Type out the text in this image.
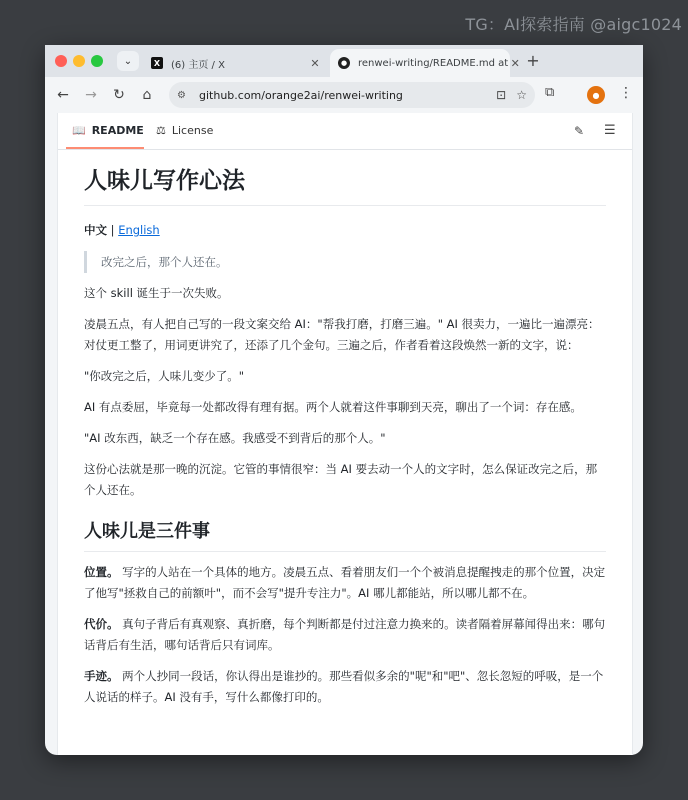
TG：AI探索指南 @aigc1024
⌄	X (6) 主页 / X	✕	● renwei-writing/README.md at ✕ +
← → ↻	⌂	⚙	github.com/orange2ai/renwei-writing	⊡ ☆ ⧉	●	⋮
📖 README ⚖ License	✎ ☰
人味儿写作心法

中文 | English

改完之后，那个人还在。

这个 skill 诞生于一次失败。

凌晨五点，有人把自己写的一段文案交给 AI："帮我打磨，打磨三遍。" AI 很卖力，一遍比一遍漂亮：对仗更工整了，用词更讲究了，还添了几个金句。三遍之后，作者看着这段焕然一新的文字，说：

"你改完之后，人味儿变少了。"

AI 有点委屈，毕竟每一处都改得有理有据。两个人就着这件事聊到天亮，聊出了一个词：存在感。

"AI 改东西，缺乏一个存在感。我感受不到背后的那个人。"

这份心法就是那一晚的沉淀。它管的事情很窄：当 AI 要去动一个人的文字时，怎么保证改完之后，那个人还在。

人味儿是三件事

位置。 写字的人站在一个具体的地方。凌晨五点、看着朋友们一个个被消息提醒拽走的那个位置，决定了他写"拯救自己的前额叶"，而不会写"提升专注力"。AI 哪儿都能站，所以哪儿都不在。

代价。 真句子背后有真观察、真折磨，每个判断都是付过注意力换来的。读者隔着屏幕闻得出来：哪句话背后有生活，哪句话背后只有词库。

手迹。 两个人抄同一段话，你认得出是谁抄的。那些看似多余的"呢"和"吧"、忽长忽短的呼吸，是一个人说话的样子。AI 没有手，写什么都像打印的。
